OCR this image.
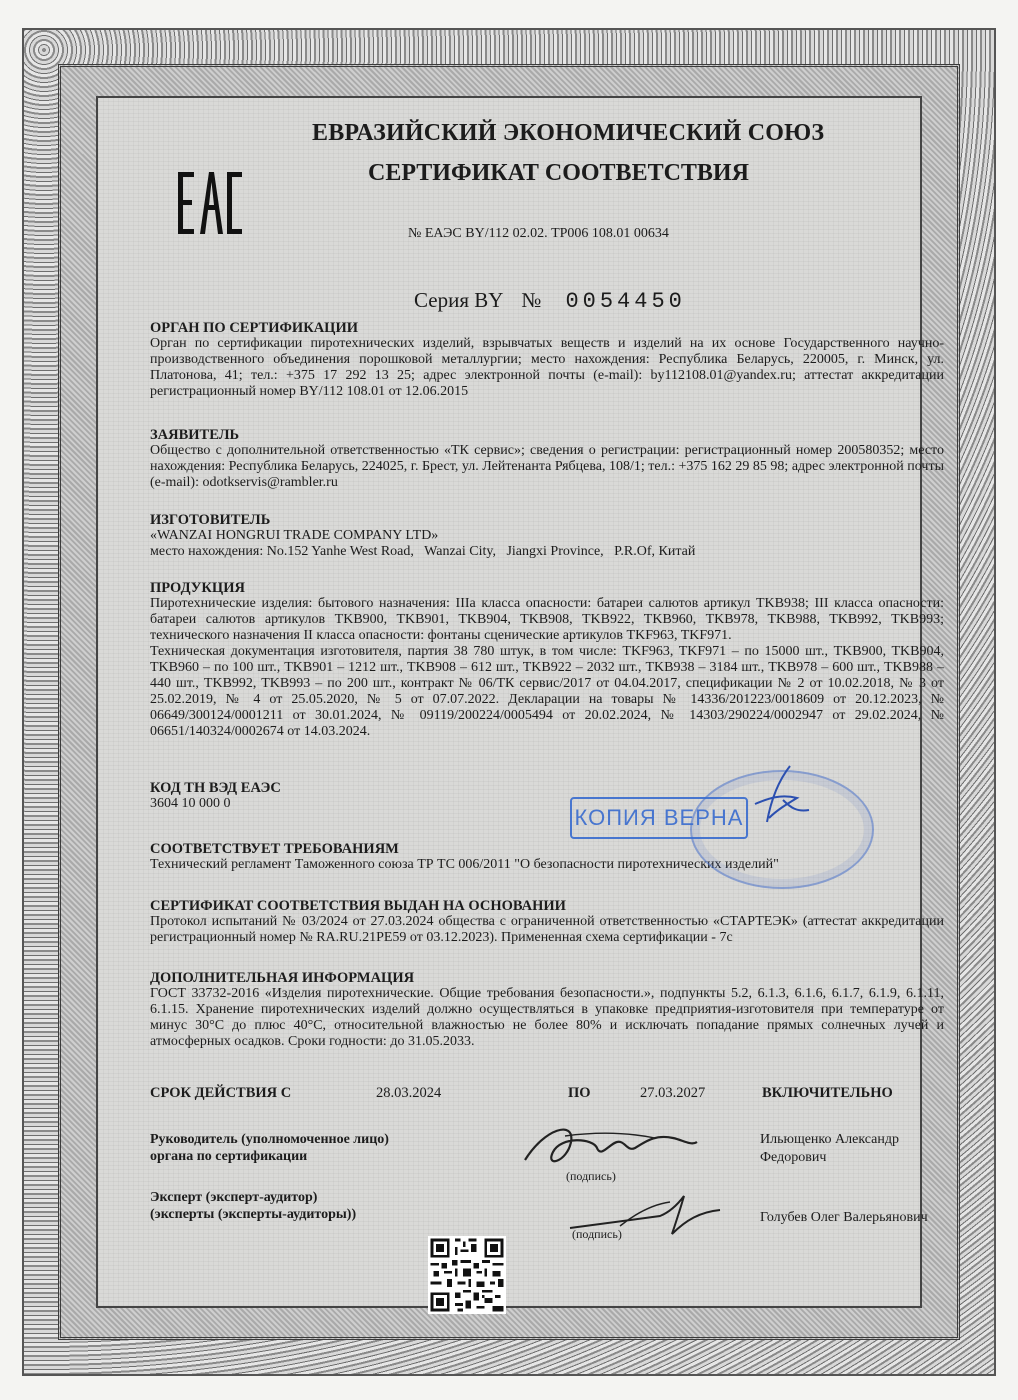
ЕВРАЗИЙСКИЙ ЭКОНОМИЧЕСКИЙ СОЮЗ
СЕРТИФИКАТ СООТВЕТСТВИЯ
№ ЕАЭС BY/112 02.02. ТР006 108.01 00634
Серия BY № 0054450
ОРГАН ПО СЕРТИФИКАЦИИ
Орган по сертификации пиротехнических изделий, взрывчатых веществ и изделий на их основе Государственного научно-производственного объединения порошковой металлургии; место нахождения: Республика Беларусь, 220005, г. Минск, ул. Платонова, 41; тел.: +375 17 292 13 25; адрес электронной почты (e-mail): by112108.01@yandex.ru; аттестат аккредитации регистрационный номер BY/112 108.01 от 12.06.2015
ЗАЯВИТЕЛЬ
Общество с дополнительной ответственностью «ТК сервис»; сведения о регистрации: регистрационный номер 200580352; место нахождения: Республика Беларусь, 224025, г. Брест, ул. Лейтенанта Рябцева, 108/1; тел.: +375 162 29 85 98; адрес электронной почты (e-mail): odotkservis@rambler.ru
ИЗГОТОВИТЕЛЬ
«WANZAI HONGRUI TRADE COMPANY LTD»
место нахождения: No.152 Yanhe West Road,   Wanzai City,   Jiangxi Province,   P.R.Of, Китай
ПРОДУКЦИЯ
Пиротехнические изделия: бытового назначения: IIIа класса опасности: батареи салютов артикул TKB938; III класса опасности: батареи салютов артикулов TKB900, TKB901, TKB904, TKB908, TKB922, TKB960, TKB978, TKB988, TKB992, TKB993; технического назначения II класса опасности: фонтаны сценические артикулов TKF963, TKF971.
Техническая документация изготовителя, партия 38 780 штук, в том числе: TKF963, TKF971 – по 15000 шт., TKB900, TKB904, TKB960 – по 100 шт., TKB901 – 1212 шт., TKB908 – 612 шт., TKB922 – 2032 шт., TKB938 – 3184 шт., TKB978 – 600 шт., TKB988 – 440 шт., TKB992, TKB993 – по 200 шт., контракт № 06/ТК сервис/2017 от 04.04.2017, спецификации № 2 от 10.02.2018, № 3 от 25.02.2019, № 4 от 25.05.2020, № 5 от 07.07.2022. Декларации на товары № 14336/201223/0018609 от 20.12.2023, № 06649/300124/0001211 от 30.01.2024, № 09119/200224/0005494 от 20.02.2024, № 14303/290224/0002947 от 29.02.2024, № 06651/140324/0002674 от 14.03.2024.
КОД ТН ВЭД ЕАЭС
3604 10 000 0
СООТВЕТСТВУЕТ ТРЕБОВАНИЯМ
Технический регламент Таможенного союза ТР ТС 006/2011 "О безопасности пиротехнических изделий"
СЕРТИФИКАТ СООТВЕТСТВИЯ ВЫДАН НА ОСНОВАНИИ
Протокол испытаний № 03/2024 от 27.03.2024 общества с ограниченной ответственностью «СТАРТЕЭК» (аттестат аккредитации регистрационный номер № RA.RU.21PE59 от 03.12.2023). Примененная схема сертификации - 7с
ДОПОЛНИТЕЛЬНАЯ ИНФОРМАЦИЯ
ГОСТ 33732-2016 «Изделия пиротехнические. Общие требования безопасности.», подпункты 5.2, 6.1.3, 6.1.6, 6.1.7, 6.1.9, 6.1.11, 6.1.15. Хранение пиротехнических изделий должно осуществляться в упаковке предприятия-изготовителя при температуре от минус 30°С до плюс 40°С, относительной влажностью не более 80% и исключать попадание прямых солнечных лучей и атмосферных осадков. Сроки годности: до 31.05.2033.
СРОК ДЕЙСТВИЯ С	28.03.2024	ПО	27.03.2027	ВКЛЮЧИТЕЛЬНО
КОПИЯ ВЕРНА
Руководитель (уполномоченное лицо)
органа по сертификации
(подпись)
Ильющенко Александр
Федорович
Эксперт (эксперт-аудитор)
(эксперты (эксперты-аудиторы))
(подпись)
Голубев Олег Валерьянович
